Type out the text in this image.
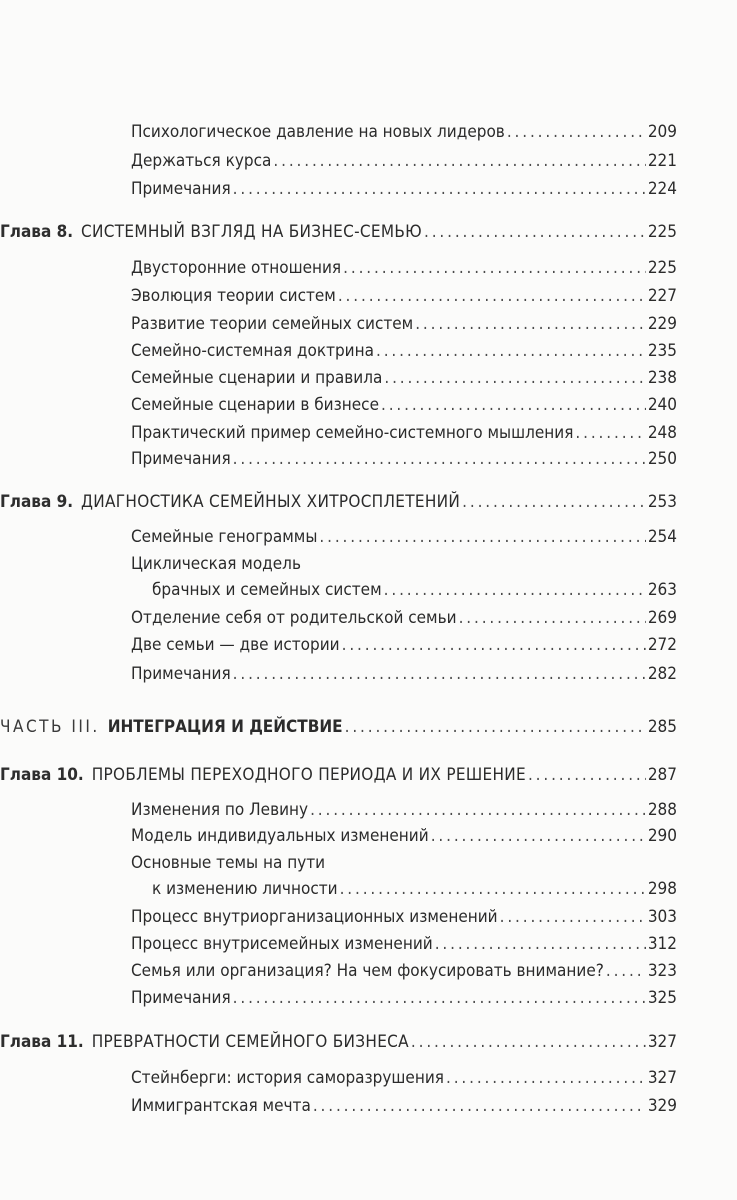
Психологическое давление на новых лидеров . . .	209
Держаться курса . . .	221
Примечания . . .	224
Глава 8. СИСТЕМНЫЙ ВЗГЛЯД НА БИЗНЕС-СЕМЬЮ . . .	225
Двусторонние отношения . . .	225
Эволюция теории систем . . .	227
Развитие теории семейных систем . . .	229
Семейно-системная доктрина . . .	235
Семейные сценарии и правила . . .	238
Семейные сценарии в бизнесе . . .	240
Практический пример семейно-системного мышления . . .	248
Примечания . . .	250
Глава 9. ДИАГНОСТИКА СЕМЕЙНЫХ ХИТРОСПЛЕТЕНИЙ . . .	253
Семейные генограммы . . .	254
Циклическая модель
брачных и семейных систем . . .	263
Отделение себя от родительской семьи . . .	269
Две семьи — две истории . . .	272
Примечания . . .	282
ЧАСТЬ III. ИНТЕГРАЦИЯ И ДЕЙСТВИЕ . . .	285
Глава 10. ПРОБЛЕМЫ ПЕРЕХОДНОГО ПЕРИОДА И ИХ РЕШЕНИЕ . . .	287
Изменения по Левину . . .	288
Модель индивидуальных изменений . . .	290
Основные темы на пути
к изменению личности . . .	298
Процесс внутриорганизационных изменений . . .	303
Процесс внутрисемейных изменений . . .	312
Семья или организация? На чем фокусировать внимание? . . .	323
Примечания . . .	325
Глава 11. ПРЕВРАТНОСТИ СЕМЕЙНОГО БИЗНЕСА . . .	327
Стейнберги: история саморазрушения . . .	327
Иммигрантская мечта . . .	329
